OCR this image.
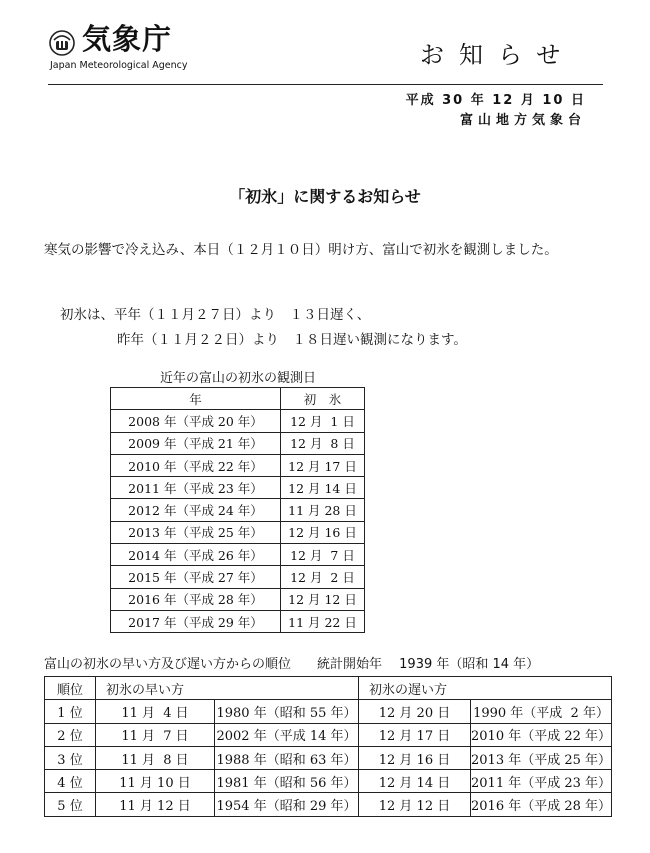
気象庁
Japan Meteorological Agency	お知らせ
平成 30 年 12 月 10 日
富山地方気象台
「初氷」に関するお知らせ
寒気の影響で冷え込み、本日（１２月１０日）明け方、富山で初氷を観測しました。
初氷は、平年（１１月２７日）より　１３日遅く、
昨年（１１月２２日）より　１８日遅い観測になります。
近年の富山の初氷の観測日
年	初　氷
2008 年（平成 20 年）	12 月  1 日
2009 年（平成 21 年）	12 月  8 日
2010 年（平成 22 年）	12 月 17 日
2011 年（平成 23 年）	12 月 14 日
2012 年（平成 24 年）	11 月 28 日
2013 年（平成 25 年）	12 月 16 日
2014 年（平成 26 年）	12 月  7 日
2015 年（平成 27 年）	12 月  2 日
2016 年（平成 28 年）	12 月 12 日
2017 年（平成 29 年）	11 月 22 日
富山の初氷の早い方及び遅い方からの順位　　 統計開始年　 1939 年（昭和 14 年）
順位	初氷の早い方		初氷の遅い方	
1 位	11 月  4 日	1980 年（昭和 55 年）	12 月 20 日	1990 年（平成  2 年）
2 位	11 月  7 日	2002 年（平成 14 年）	12 月 17 日	2010 年（平成 22 年）
3 位	11 月  8 日	1988 年（昭和 63 年）	12 月 16 日	2013 年（平成 25 年）
4 位	11 月 10 日	1981 年（昭和 56 年）	12 月 14 日	2011 年（平成 23 年）
5 位	11 月 12 日	1954 年（昭和 29 年）	12 月 12 日	2016 年（平成 28 年）
